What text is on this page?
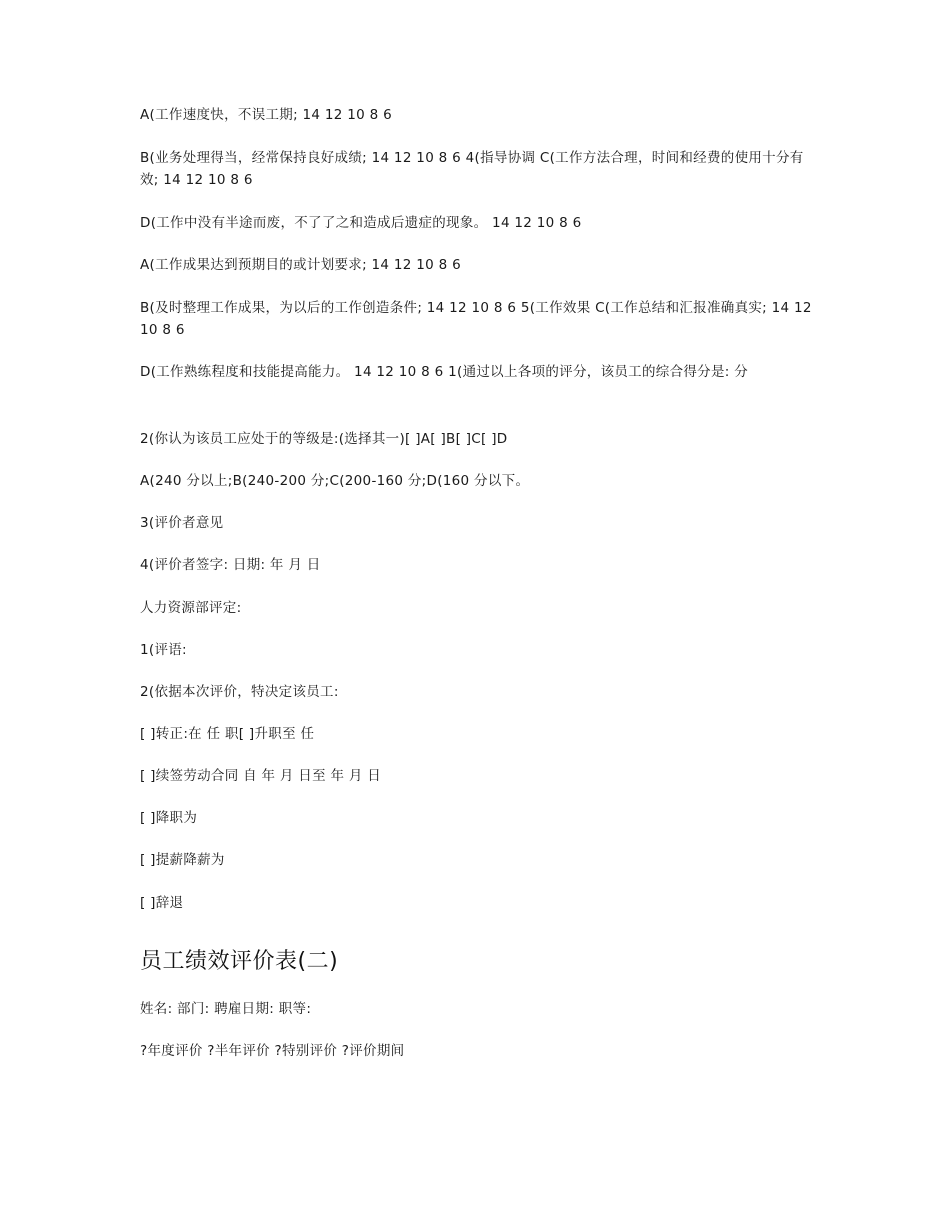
A(工作速度快，不误工期; 14 12 10 8 6

B(业务处理得当，经常保持良好成绩; 14 12 10 8 6 4(指导协调 C(工作方法合理，时间和经费的使用十分有效; 14 12 10 8 6

D(工作中没有半途而废，不了了之和造成后遗症的现象。 14 12 10 8 6

A(工作成果达到预期目的或计划要求; 14 12 10 8 6

B(及时整理工作成果，为以后的工作创造条件; 14 12 10 8 6 5(工作效果 C(工作总结和汇报准确真实; 14 12 10 8 6

D(工作熟练程度和技能提高能力。 14 12 10 8 6 1(通过以上各项的评分，该员工的综合得分是: 分

2(你认为该员工应处于的等级是:(选择其一)[ ]A[ ]B[ ]C[ ]D

A(240 分以上;B(240-200 分;C(200-160 分;D(160 分以下。

3(评价者意见

4(评价者签字: 日期: 年 月 日

人力资源部评定:

1(评语:

2(依据本次评价，特决定该员工:

[ ]转正:在 任 职[ ]升职至 任

[ ]续签劳动合同 自 年 月 日至 年 月 日

[ ]降职为

[ ]提薪降薪为

[ ]辞退

员工绩效评价表(二)

姓名: 部门: 聘雇日期: 职等:

?年度评价 ?半年评价 ?特别评价 ?评价期间
